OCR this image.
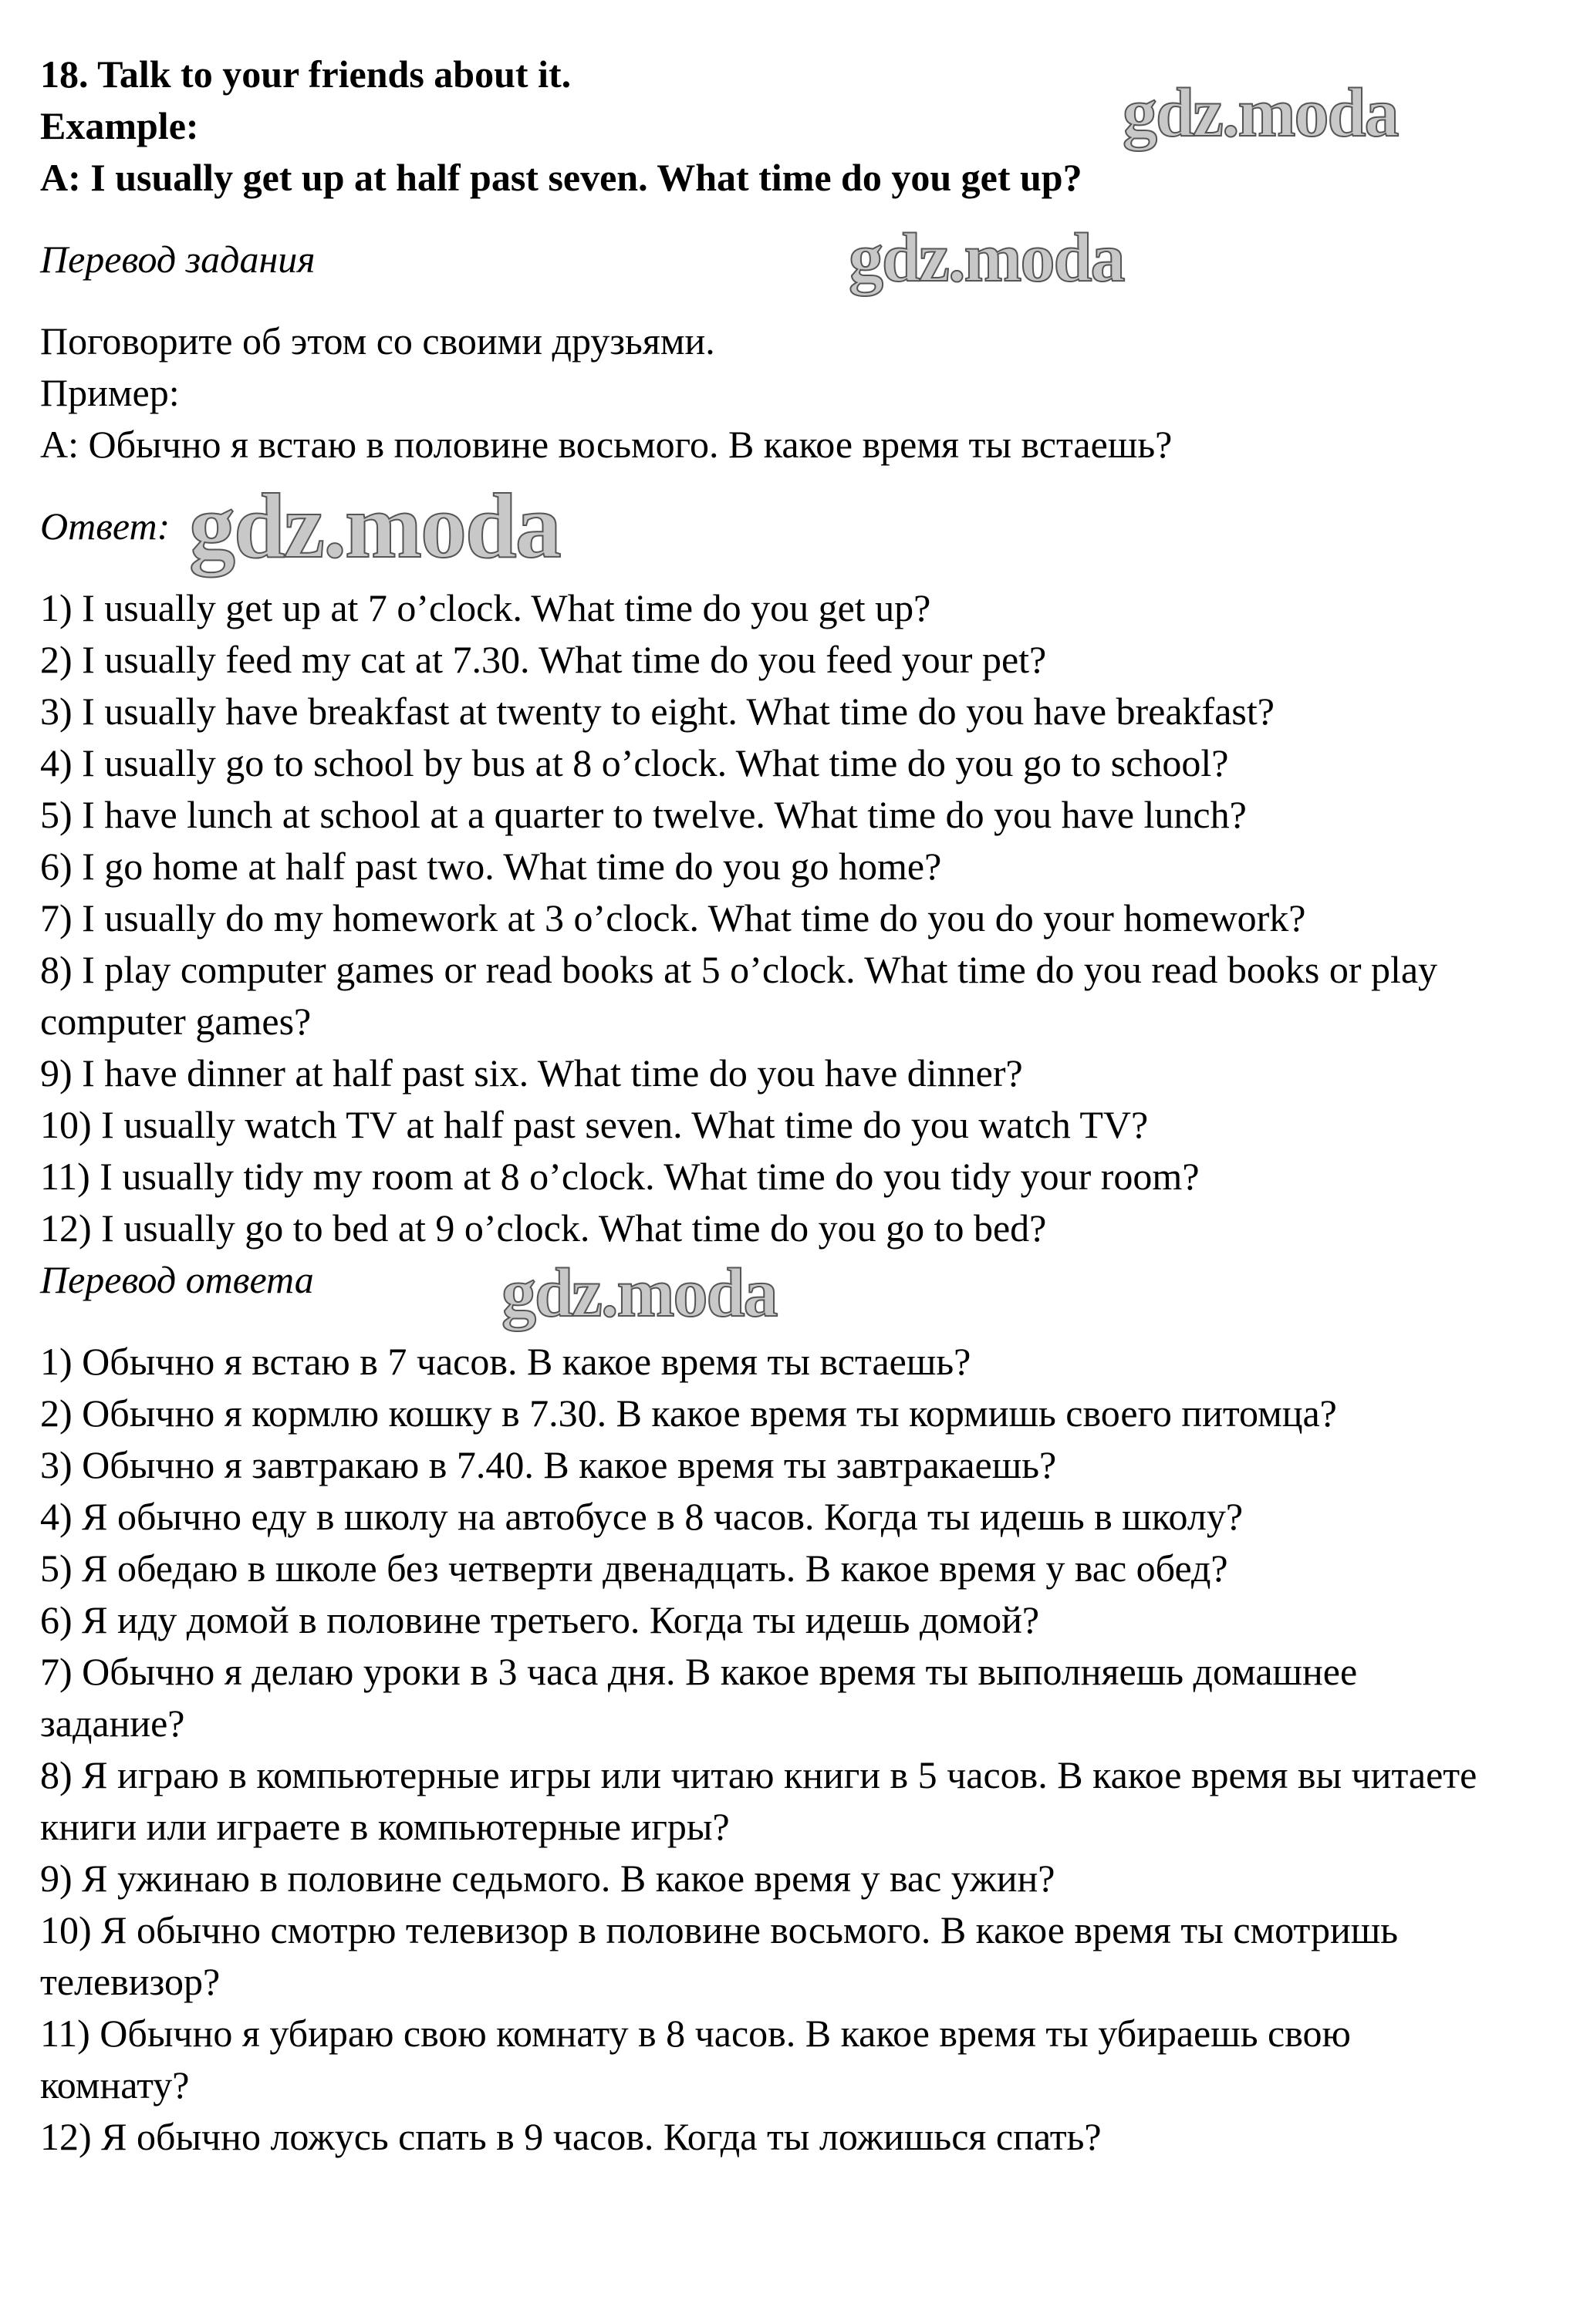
18. Talk to your friends about it.
Example:
A: I usually get up at half past seven. What time do you get up?
Перевод задания
Поговорите об этом со своими друзьями.
Пример:
А: Обычно я встаю в половине восьмого. В какое время ты встаешь?
Ответ:
1) I usually get up at 7 o’clock. What time do you get up?
2) I usually feed my cat at 7.30. What time do you feed your pet?
3) I usually have breakfast at twenty to eight. What time do you have breakfast?
4) I usually go to school by bus at 8 o’clock. What time do you go to school?
5) I have lunch at school at a quarter to twelve. What time do you have lunch?
6) I go home at half past two. What time do you go home?
7) I usually do my homework at 3 o’clock. What time do you do your homework?
8) I play computer games or read books at 5 o’clock. What time do you read books or play computer games?
9) I have dinner at half past six. What time do you have dinner?
10) I usually watch TV at half past seven. What time do you watch TV?
11) I usually tidy my room at 8 o’clock. What time do you tidy your room?
12) I usually go to bed at 9 o’clock. What time do you go to bed?
Перевод ответа
1) Обычно я встаю в 7 часов. В какое время ты встаешь?
2) Обычно я кормлю кошку в 7.30. В какое время ты кормишь своего питомца?
3) Обычно я завтракаю в 7.40. В какое время ты завтракаешь?
4) Я обычно еду в школу на автобусе в 8 часов. Когда ты идешь в школу?
5) Я обедаю в школе без четверти двенадцать. В какое время у вас обед?
6) Я иду домой в половине третьего. Когда ты идешь домой?
7) Обычно я делаю уроки в 3 часа дня. В какое время ты выполняешь домашнее задание?
8) Я играю в компьютерные игры или читаю книги в 5 часов. В какое время вы читаете книги или играете в компьютерные игры?
9) Я ужинаю в половине седьмого. В какое время у вас ужин?
10) Я обычно смотрю телевизор в половине восьмого. В какое время ты смотришь телевизор?
11) Обычно я убираю свою комнату в 8 часов. В какое время ты убираешь свою комнату?
12) Я обычно ложусь спать в 9 часов. Когда ты ложишься спать?
gdz.moda
gdz.moda
gdz.moda
gdz.moda
